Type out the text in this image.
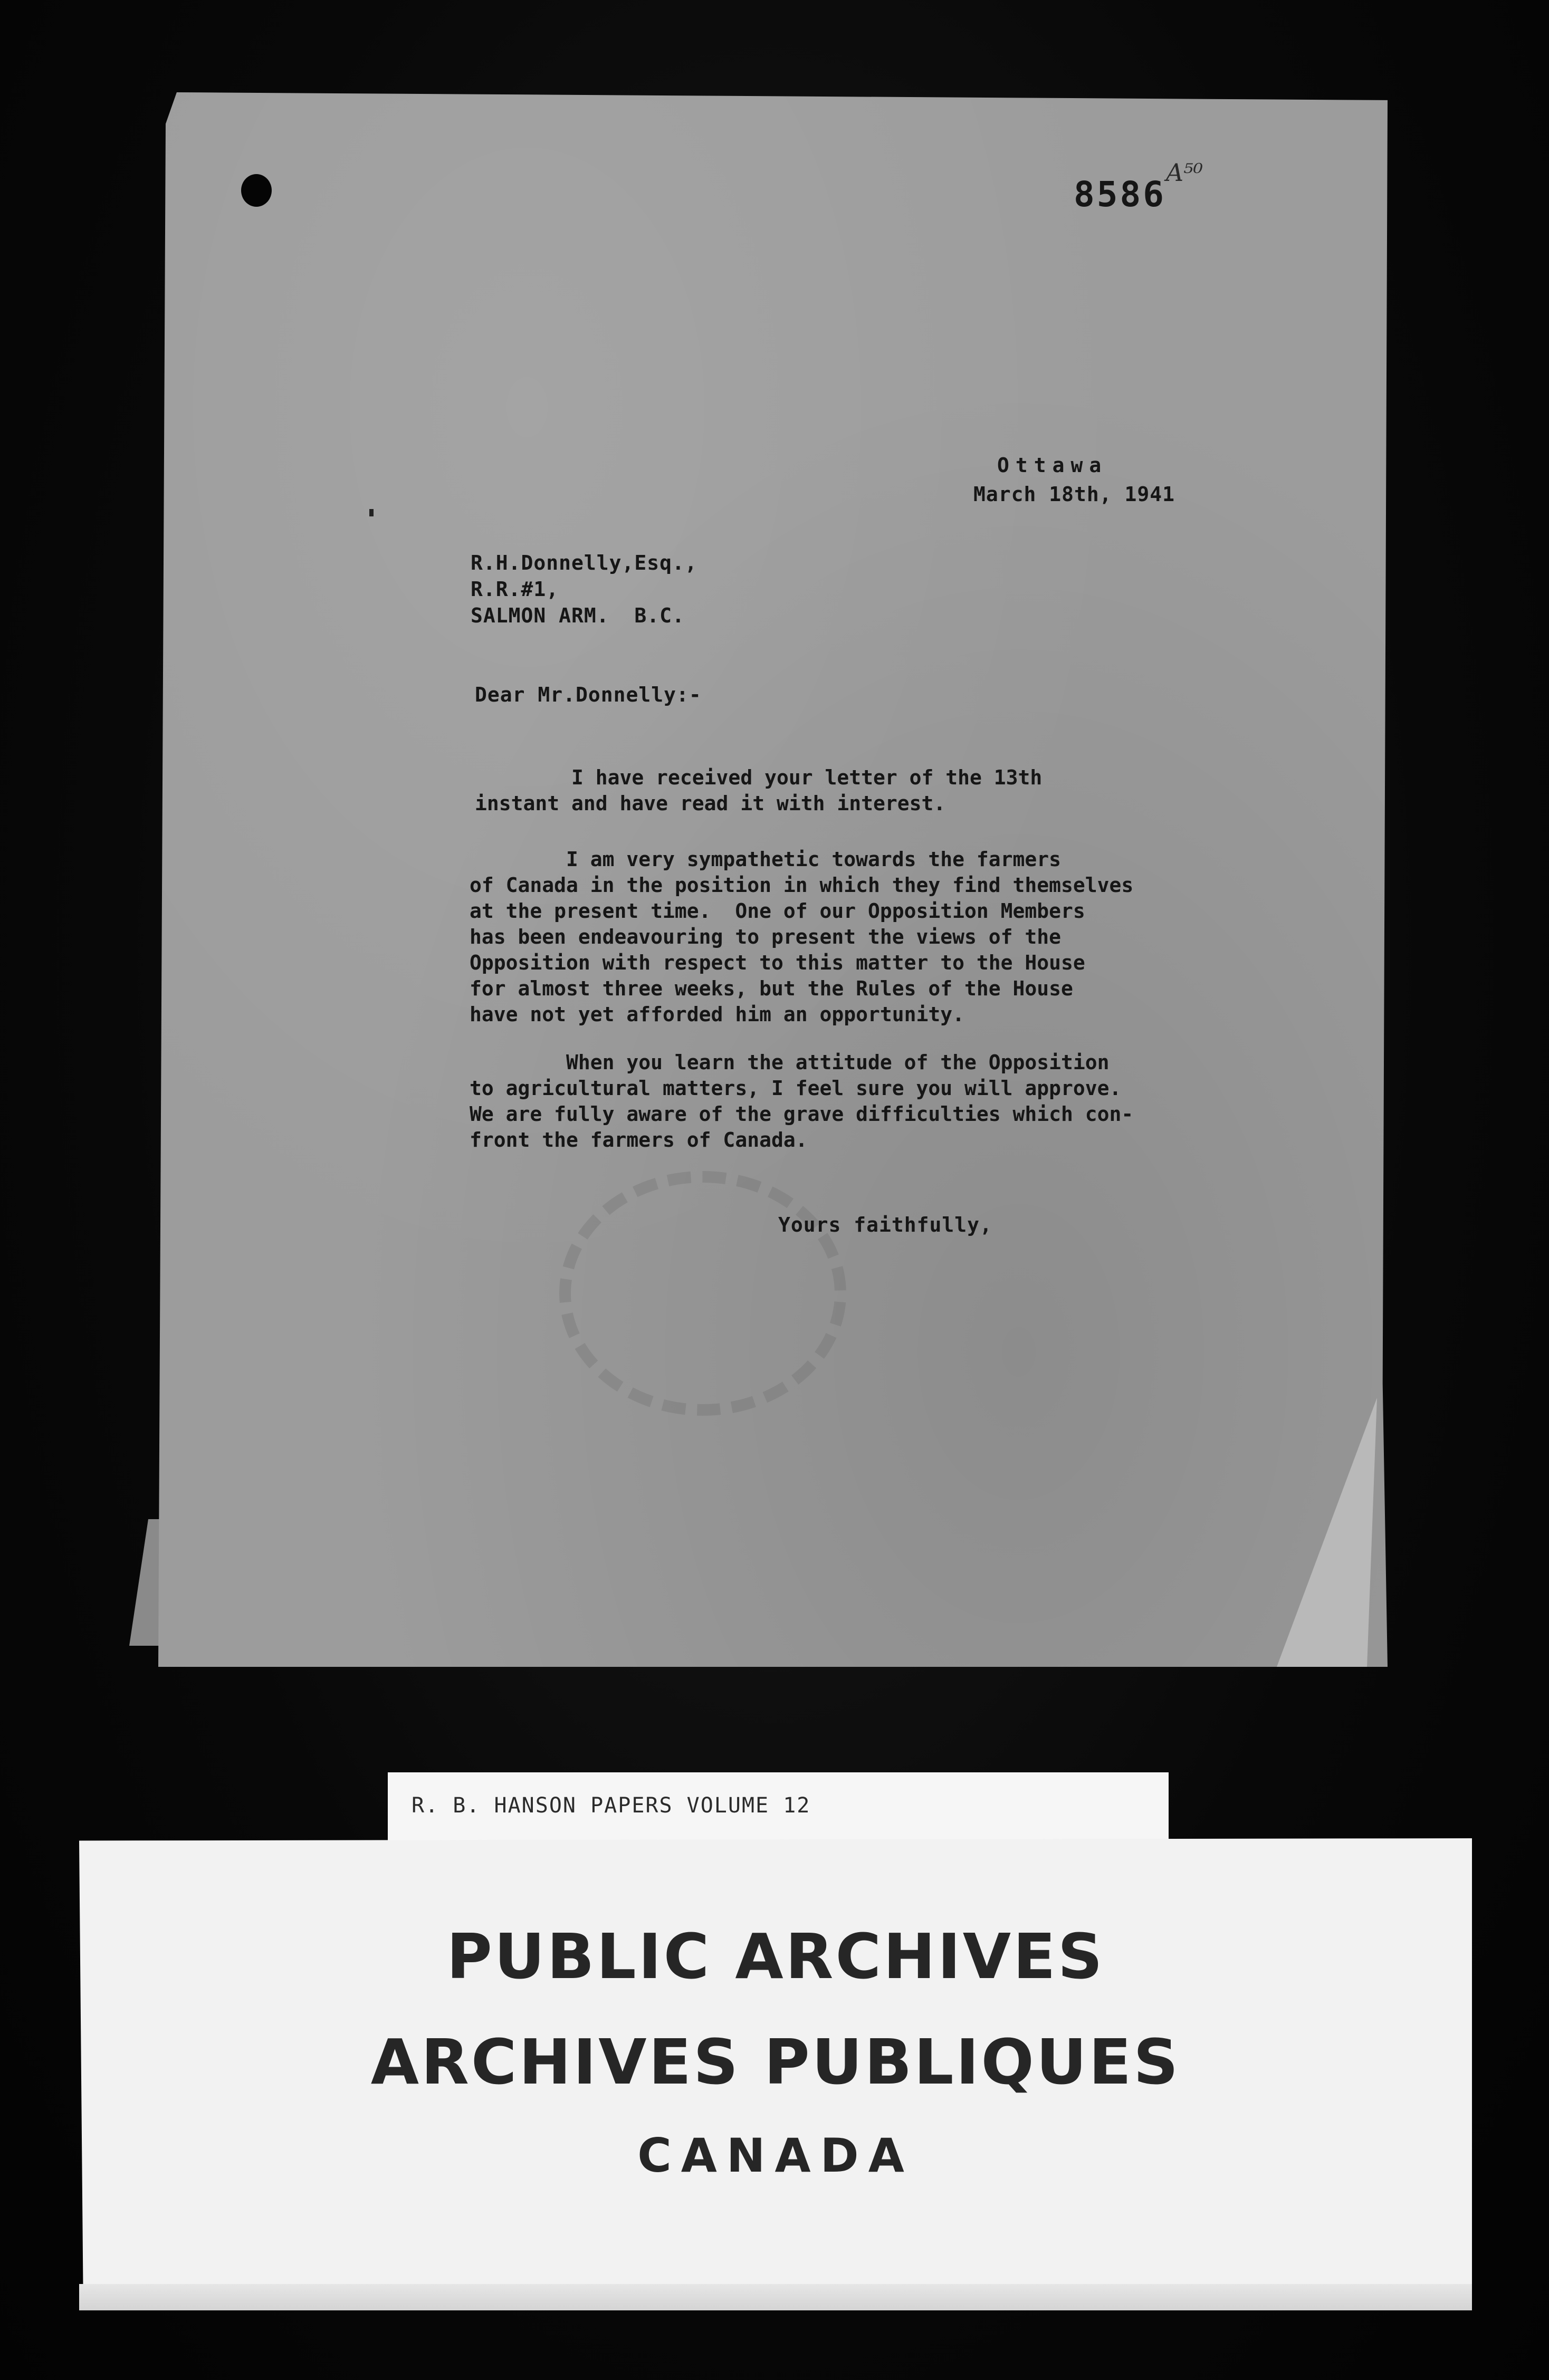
8586
A⁵⁰
Ottawa
March 18th, 1941
R.H.Donnelly,Esq.,
R.R.#1,
SALMON ARM.  B.C.
Dear Mr.Donnelly:-
I have received your letter of the 13th
instant and have read it with interest.
I am very sympathetic towards the farmers
of Canada in the position in which they find themselves
at the present time.  One of our Opposition Members
has been endeavouring to present the views of the
Opposition with respect to this matter to the House
for almost three weeks, but the Rules of the House
have not yet afforded him an opportunity.
When you learn the attitude of the Opposition
to agricultural matters, I feel sure you will approve.
We are fully aware of the grave difficulties which con-
front the farmers of Canada.
Yours faithfully,
R. B. HANSON PAPERS VOLUME 12
PUBLIC ARCHIVES
ARCHIVES PUBLIQUES
CANADA
